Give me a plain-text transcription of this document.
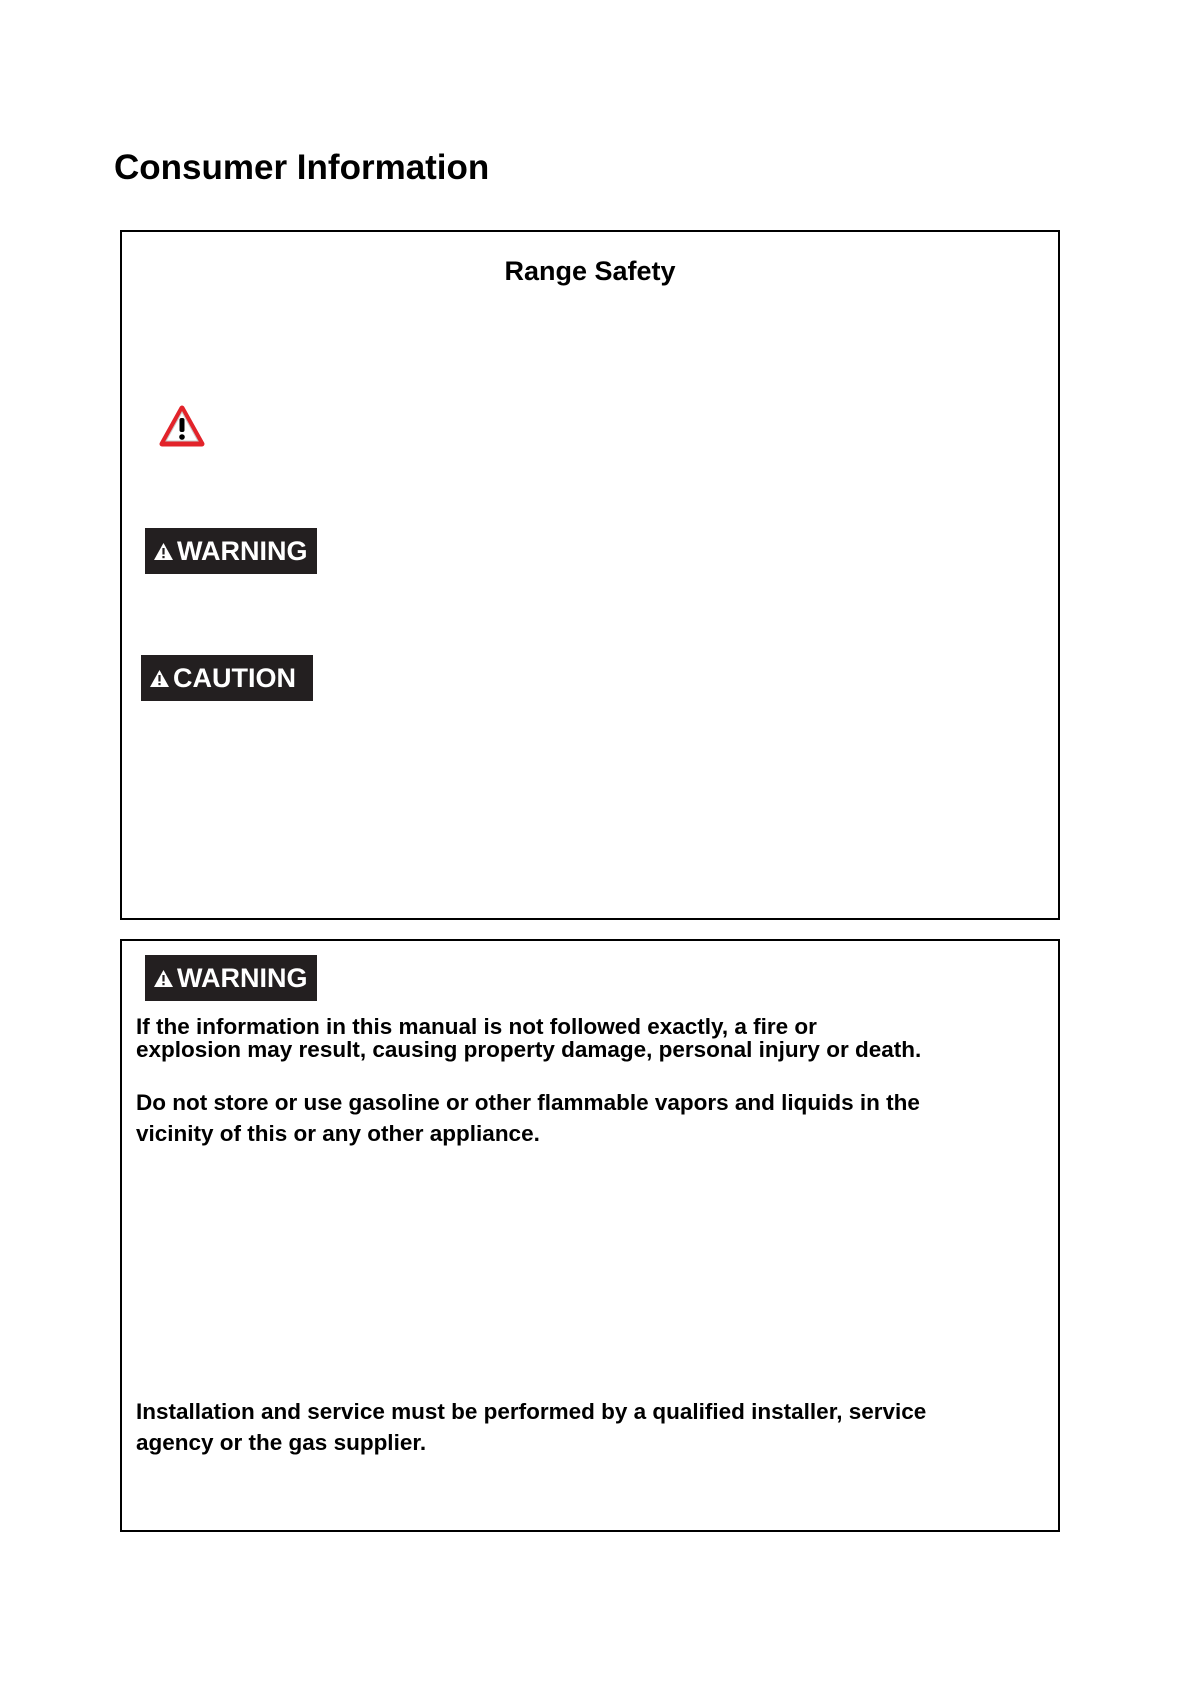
Consumer Information
Range Safety
WARNING
CAUTION
WARNING

If the information in this manual is not followed exactly, a fire or
explosion may result, causing property damage, personal injury or death.

Do not store or use gasoline or other flammable vapors and liquids in the
vicinity of this or any other appliance.

Installation and service must be performed by a qualified installer, service
agency or the gas supplier.
